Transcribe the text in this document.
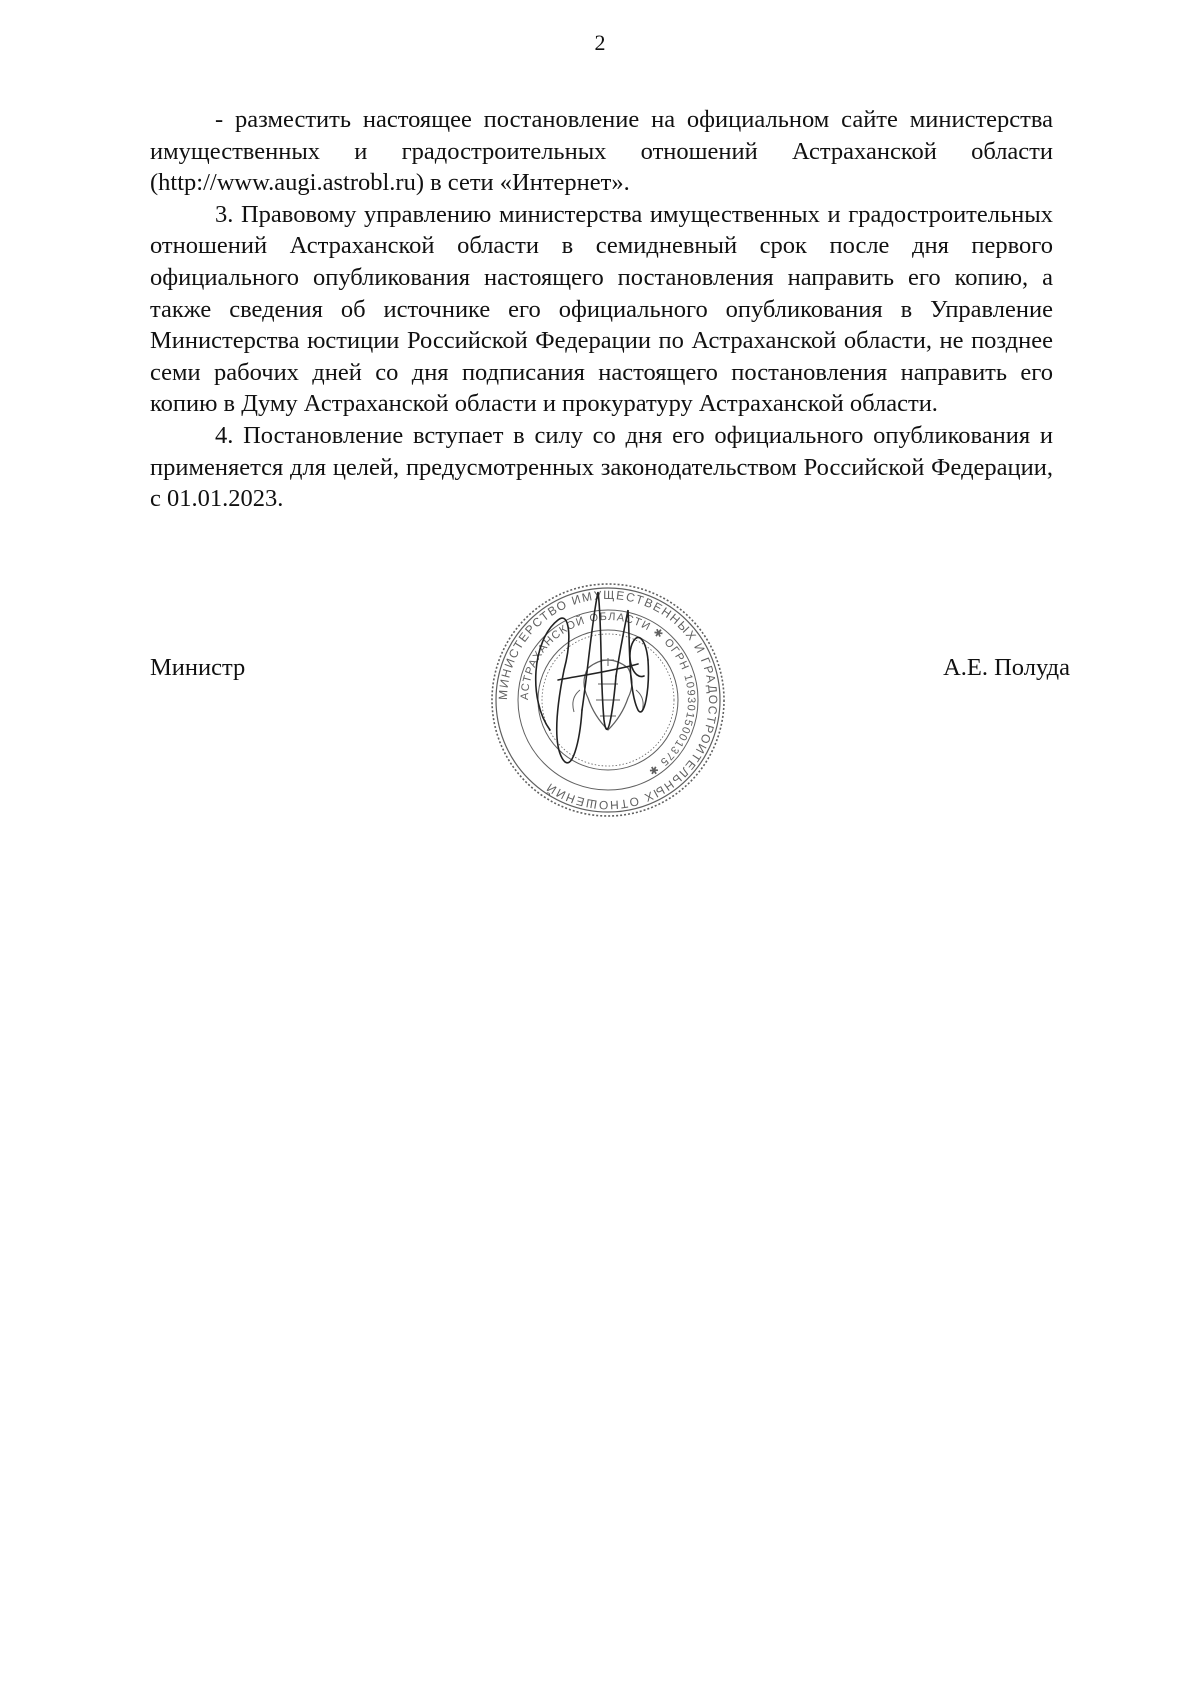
2

- разместить настоящее постановление на официальном сайте министерства имущественных и градостроительных отношений Астраханской области (http://www.augi.astrobl.ru) в сети «Интернет».

3. Правовому управлению министерства имущественных и градостроительных отношений Астраханской области в семидневный срок после дня первого официального опубликования настоящего постановления направить его копию, а также сведения об источнике его официального опубликования в Управление Министерства юстиции Российской Федерации по Астраханской области, не позднее семи рабочих дней со дня подписания настоящего постановления направить его копию в Думу Астраханской области и прокуратуру Астраханской области.

4. Постановление вступает в силу со дня его официального опубликования и применяется для целей, предусмотренных законодательством Российской Федерации, с 01.01.2023.

Министр	А.Е. Полуда
МИНИСТЕРСТВО ИМУЩЕСТВЕННЫХ И ГРАДОСТРОИТЕЛЬНЫХ ОТНОШЕНИЙ
АСТРАХАНСКОЙ ОБЛАСТИ ✱ ОГРН 1093015001375 ✱
